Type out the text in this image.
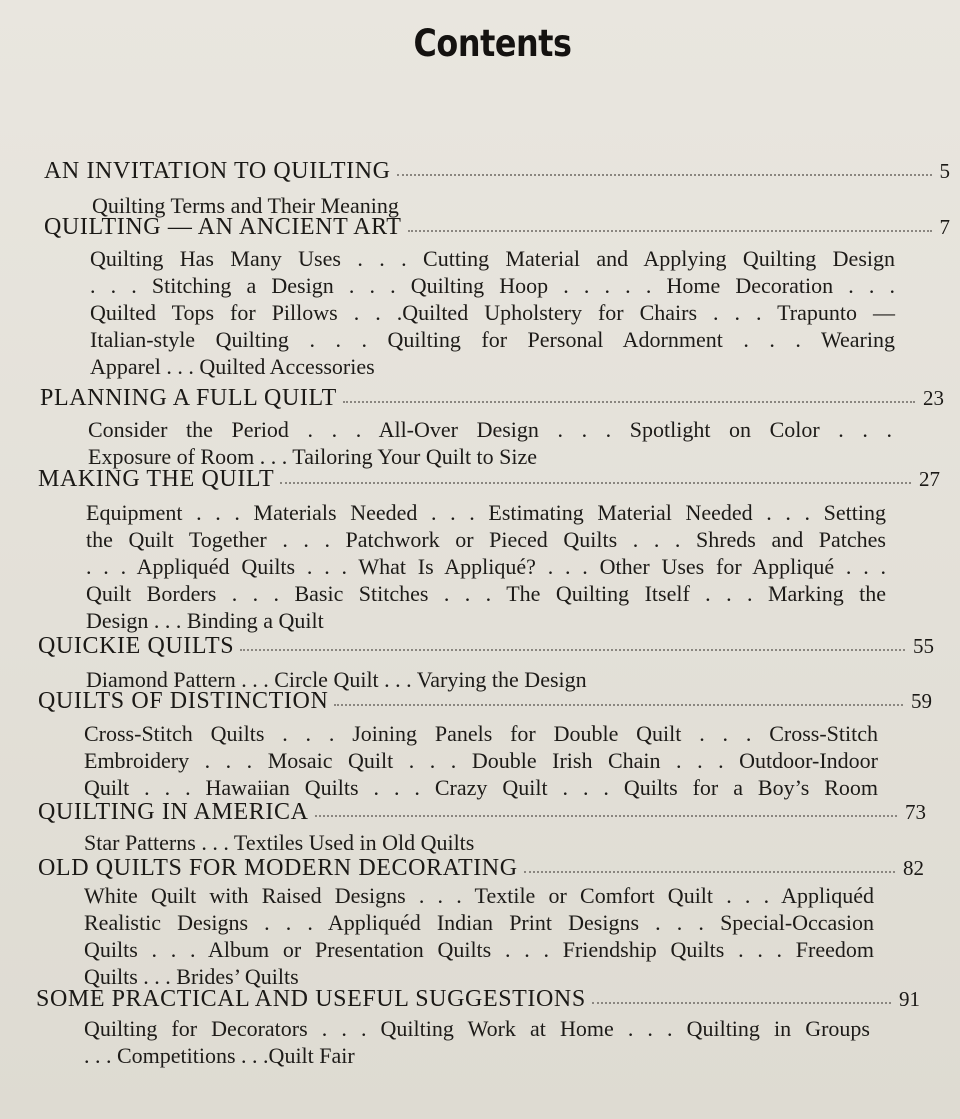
Contents
AN INVITATION TO QUILTING	5
Quilting Terms and Their Meaning
QUILTING — AN ANCIENT ART	7
Quilting Has Many Uses . . . Cutting Material and Applying Quilting Design
. . . Stitching a Design . . . Quilting Hoop . . . . . Home Decoration . . .
Quilted Tops for Pillows . . .Quilted Upholstery for Chairs . . . Trapunto —
Italian-style Quilting . . . Quilting for Personal Adornment . . . Wearing
Apparel . . . Quilted Accessories
PLANNING A FULL QUILT	23
Consider the Period . . . All-Over Design . . . Spotlight on Color . . .
Exposure of Room . . . Tailoring Your Quilt to Size
MAKING THE QUILT	27
Equipment . . . Materials Needed . . . Estimating Material Needed . . . Setting
the Quilt Together . . . Patchwork or Pieced Quilts . . . Shreds and Patches
. . . Appliquéd Quilts . . . What Is Appliqué? . . . Other Uses for Appliqué . . .
Quilt Borders . . . Basic Stitches . . . The Quilting Itself . . . Marking the
Design . . . Binding a Quilt
QUICKIE QUILTS	55
Diamond Pattern . . . Circle Quilt . . . Varying the Design
QUILTS OF DISTINCTION	59
Cross-Stitch Quilts . . . Joining Panels for Double Quilt . . . Cross-Stitch
Embroidery . . . Mosaic Quilt . . . Double Irish Chain . . . Outdoor-Indoor
Quilt . . . Hawaiian Quilts . . . Crazy Quilt . . . Quilts for a Boy’s Room
QUILTING IN AMERICA	73
Star Patterns . . . Textiles Used in Old Quilts
OLD QUILTS FOR MODERN DECORATING	82
White Quilt with Raised Designs . . . Textile or Comfort Quilt . . . Appliquéd
Realistic Designs . . . Appliquéd Indian Print Designs . . . Special-Occasion
Quilts . . . Album or Presentation Quilts . . . Friendship Quilts . . . Freedom
Quilts . . . Brides’ Quilts
SOME PRACTICAL AND USEFUL SUGGESTIONS	91
Quilting for Decorators . . . Quilting Work at Home . . . Quilting in Groups
. . . Competitions . . .Quilt Fair
